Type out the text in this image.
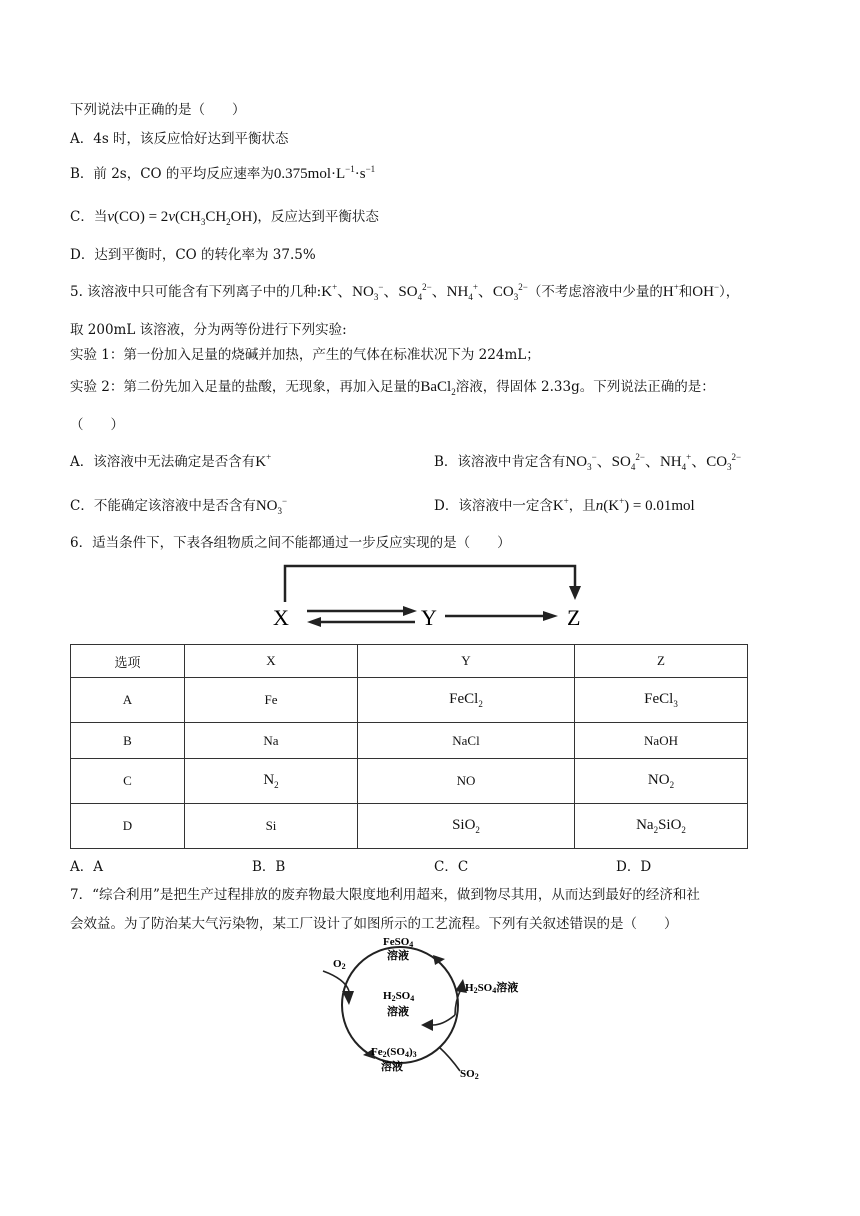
下列说法中正确的是（　　）
A．4s 时，该反应恰好达到平衡状态
B．前 2s，CO 的平均反应速率为$0.375mol\cdot L^{-1}\cdot s^{-1}$
C．当$v(CO) = 2v(CH_3CH_2OH)$，反应达到平衡状态
D．达到平衡时，CO 的转化率为 37.5%
5. 该溶液中只可能含有下列离子中的几种:K+、$NO_3^-$、$SO_4^{2-}$、$NH_4^+$、$CO_3^{2-}$（不考虑溶液中少量的H+和OH−），
取 200mL 该溶液，分为两等份进行下列实验:
实验 1：第一份加入足量的烧碱并加热，产生的气体在标准状况下为 224mL；
实验 2：第二份先加入足量的盐酸，无现象，再加入足量的BaCl$_2$溶液，得固体 2.33g。下列说法正确的是：
（　　）
A．该溶液中无法确定是否含有K+	B．该溶液中肯定含有$NO_3^-$、$SO_4^{2-}$、$NH_4^+$、$CO_3^{2-}$
C．不能确定该溶液中是否含有$NO_3^-$	D．该溶液中一定含K+，且n(K+) = 0.01mol
6．适当条件下，下表各组物质之间不能都通过一步反应实现的是（　　）
X	Y	Z
选项	X	Y	Z
A	Fe	FeCl$_2$	FeCl$_3$
B	Na	NaCl	NaOH
C	$N_2$	NO	$NO_2$
D	Si	SiO$_2$	$Na_2SiO_2$
A．A	B．B	C．C	D．D
7．“综合利用”是把生产过程排放的废弃物最大限度地利用超来，做到物尽其用，从而达到最好的经济和社
会效益。为了防治某大气污染物，某工厂设计了如图所示的工艺流程。下列有关叙述错误的是（　　）
FeSO4
溶液
O2
H2SO4
溶液
H2SO4溶液
Fe2(SO4)3
溶液
SO2
